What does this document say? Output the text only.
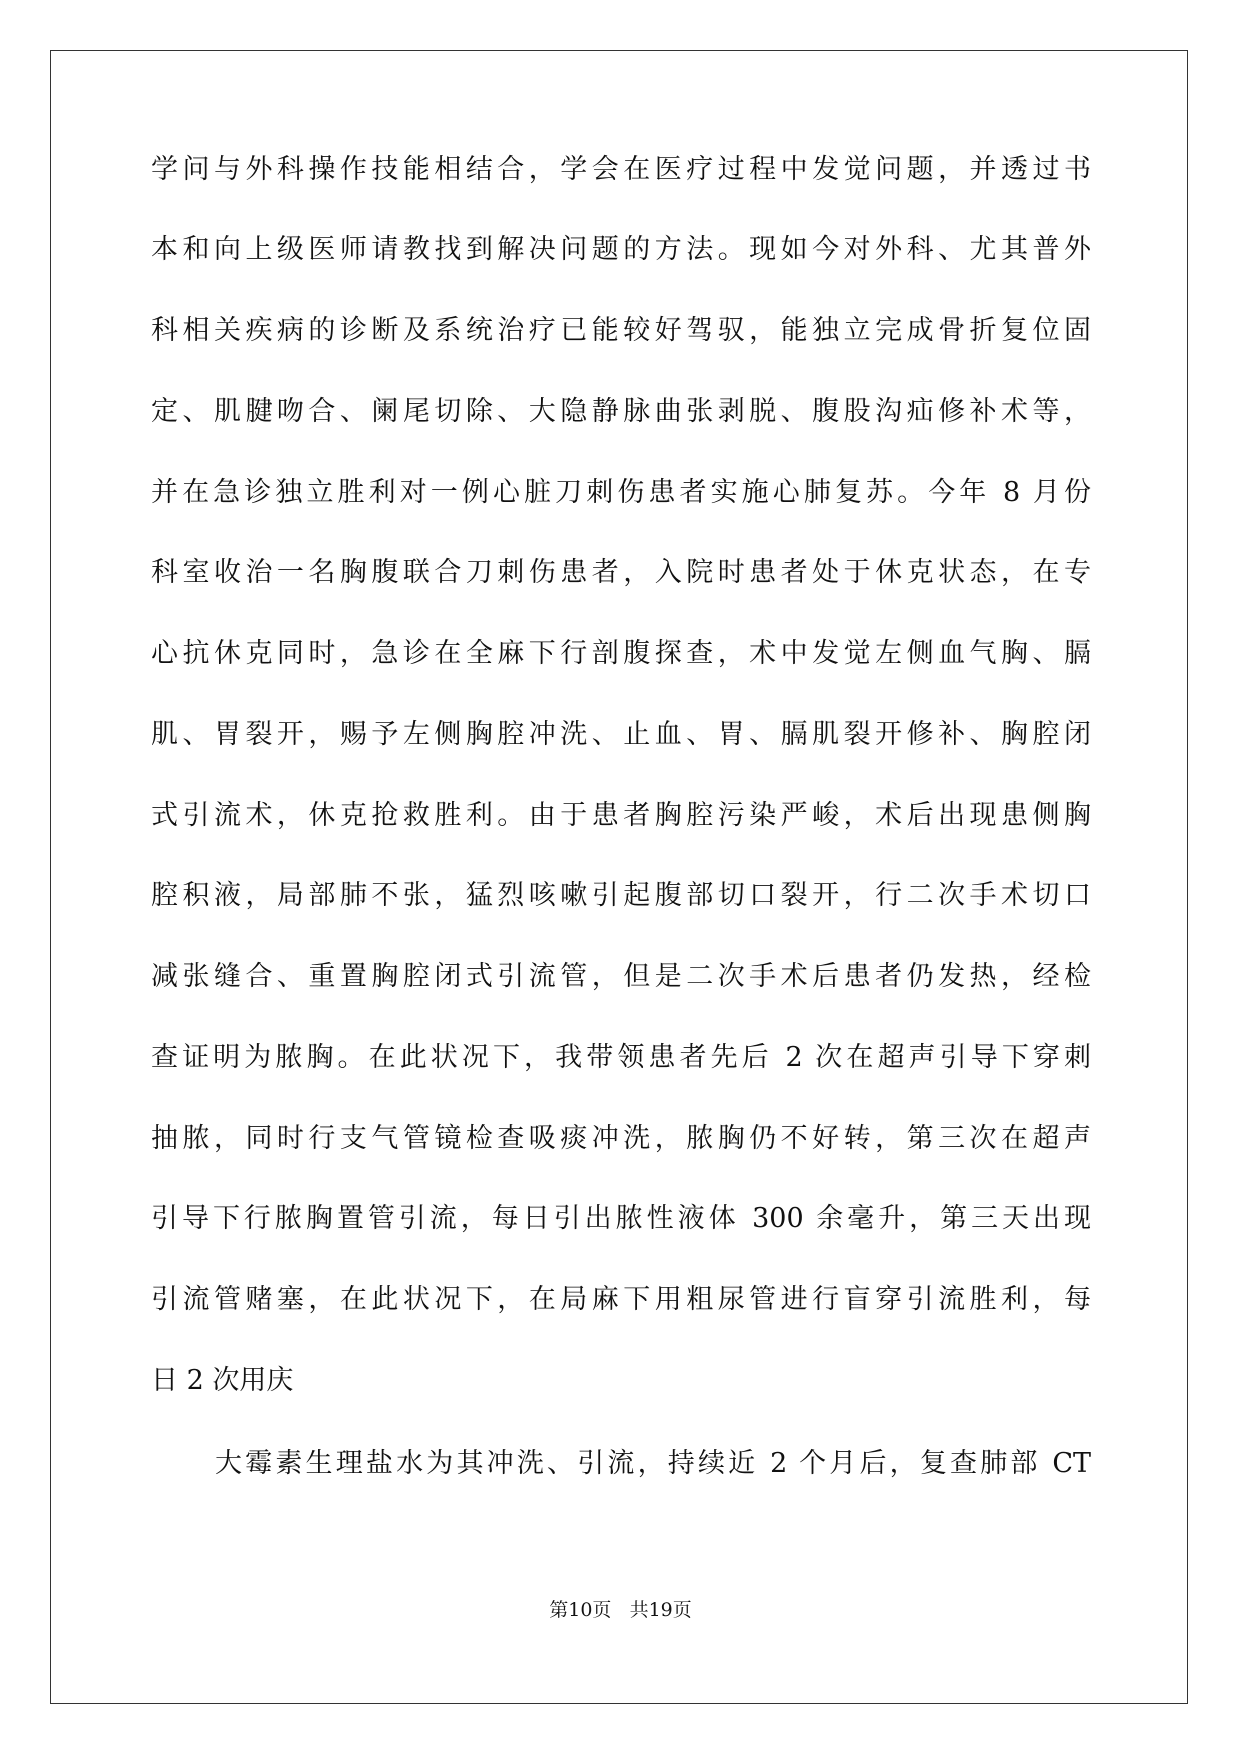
学问与外科操作技能相结合，学会在医疗过程中发觉问题，并透过书
本和向上级医师请教找到解决问题的方法。现如今对外科、尤其普外
科相关疾病的诊断及系统治疗已能较好驾驭，能独立完成骨折复位固
定、肌腱吻合、阑尾切除、大隐静脉曲张剥脱、腹股沟疝修补术等，
并在急诊独立胜利对一例心脏刀刺伤患者实施心肺复苏。今年 8 月份
科室收治一名胸腹联合刀刺伤患者，入院时患者处于休克状态，在专
心抗休克同时，急诊在全麻下行剖腹探查，术中发觉左侧血气胸、膈
肌、胃裂开，赐予左侧胸腔冲洗、止血、胃、膈肌裂开修补、胸腔闭
式引流术，休克抢救胜利。由于患者胸腔污染严峻，术后出现患侧胸
腔积液，局部肺不张，猛烈咳嗽引起腹部切口裂开，行二次手术切口
减张缝合、重置胸腔闭式引流管，但是二次手术后患者仍发热，经检
查证明为脓胸。在此状况下，我带领患者先后 2 次在超声引导下穿刺
抽脓，同时行支气管镜检查吸痰冲洗，脓胸仍不好转，第三次在超声
引导下行脓胸置管引流，每日引出脓性液体 300 余毫升，第三天出现
引流管赌塞，在此状况下，在局麻下用粗尿管进行盲穿引流胜利，每
日 2 次用庆
大霉素生理盐水为其冲洗、引流，持续近 2 个月后，复查肺部 CT
第10页 共19页
